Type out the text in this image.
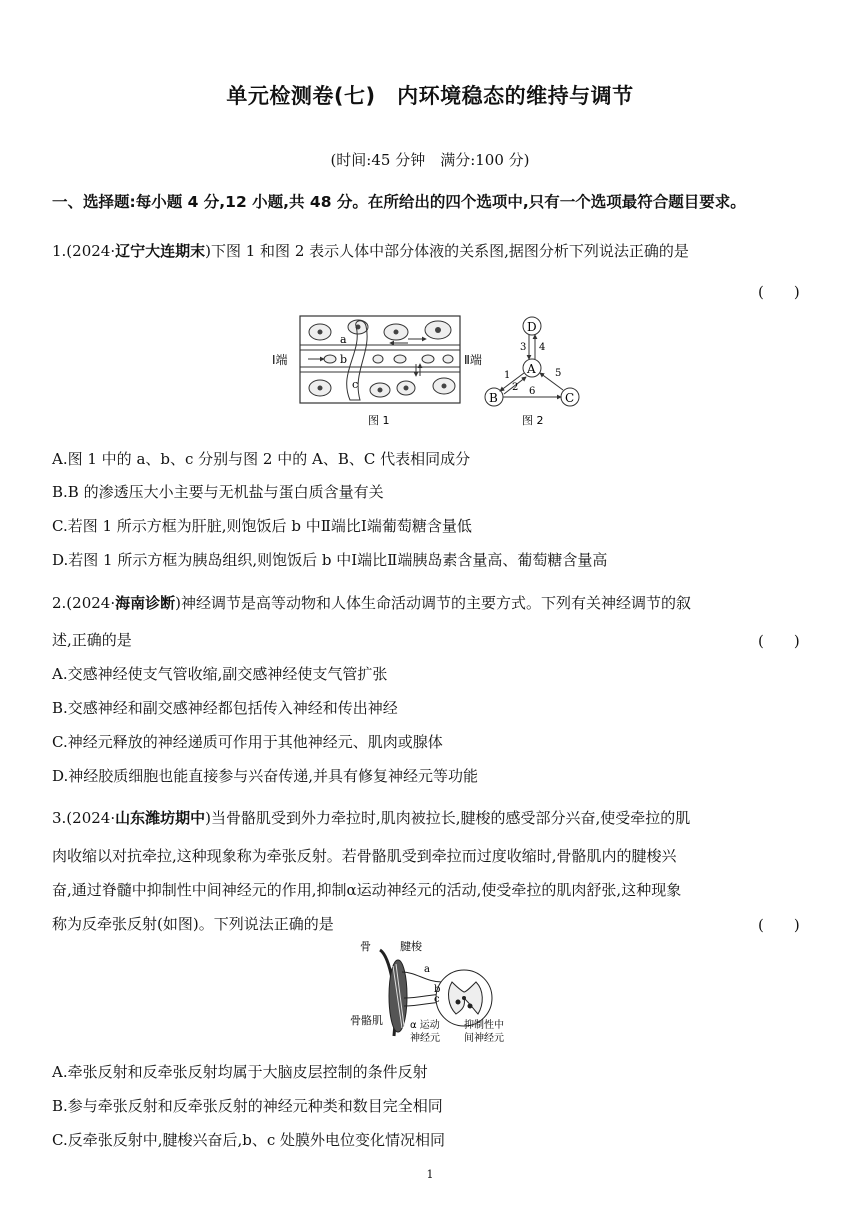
单元检测卷(七)　内环境稳态的维持与调节
(时间:45 分钟　满分:100 分)
一、选择题:每小题 4 分,12 小题,共 48 分。在所给出的四个选项中,只有一个选项最符合题目要求。
1.(2024·辽宁大连期末)下图 1 和图 2 表示人体中部分体液的关系图,据图分析下列说法正确的是
(　　)
a
b
c
Ⅰ端	Ⅱ端
图 1
D
A
B	C
3 4
1
2
5
6
图 2
A.图 1 中的 a、b、c 分别与图 2 中的 A、B、C 代表相同成分
B.B 的渗透压大小主要与无机盐与蛋白质含量有关
C.若图 1 所示方框为肝脏,则饱饭后 b 中Ⅱ端比Ⅰ端葡萄糖含量低
D.若图 1 所示方框为胰岛组织,则饱饭后 b 中Ⅰ端比Ⅱ端胰岛素含量高、葡萄糖含量高
2.(2024·海南诊断)神经调节是高等动物和人体生命活动调节的主要方式。下列有关神经调节的叙
述,正确的是	(　　)
A.交感神经使支气管收缩,副交感神经使支气管扩张
B.交感神经和副交感神经都包括传入神经和传出神经
C.神经元释放的神经递质可作用于其他神经元、肌肉或腺体
D.神经胶质细胞也能直接参与兴奋传递,并具有修复神经元等功能
3.(2024·山东潍坊期中)当骨骼肌受到外力牵拉时,肌肉被拉长,腱梭的感受部分兴奋,使受牵拉的肌
肉收缩以对抗牵拉,这种现象称为牵张反射。若骨骼肌受到牵拉而过度收缩时,骨骼肌内的腱梭兴
奋,通过脊髓中抑制性中间神经元的作用,抑制α运动神经元的活动,使受牵拉的肌肉舒张,这种现象
称为反牵张反射(如图)。下列说法正确的是	(　　)
骨	腱梭
a
b
c
骨骼肌	α 运动
神经元
抑制性中
间神经元
A.牵张反射和反牵张反射均属于大脑皮层控制的条件反射
B.参与牵张反射和反牵张反射的神经元种类和数目完全相同
C.反牵张反射中,腱梭兴奋后,b、c 处膜外电位变化情况相同
1
